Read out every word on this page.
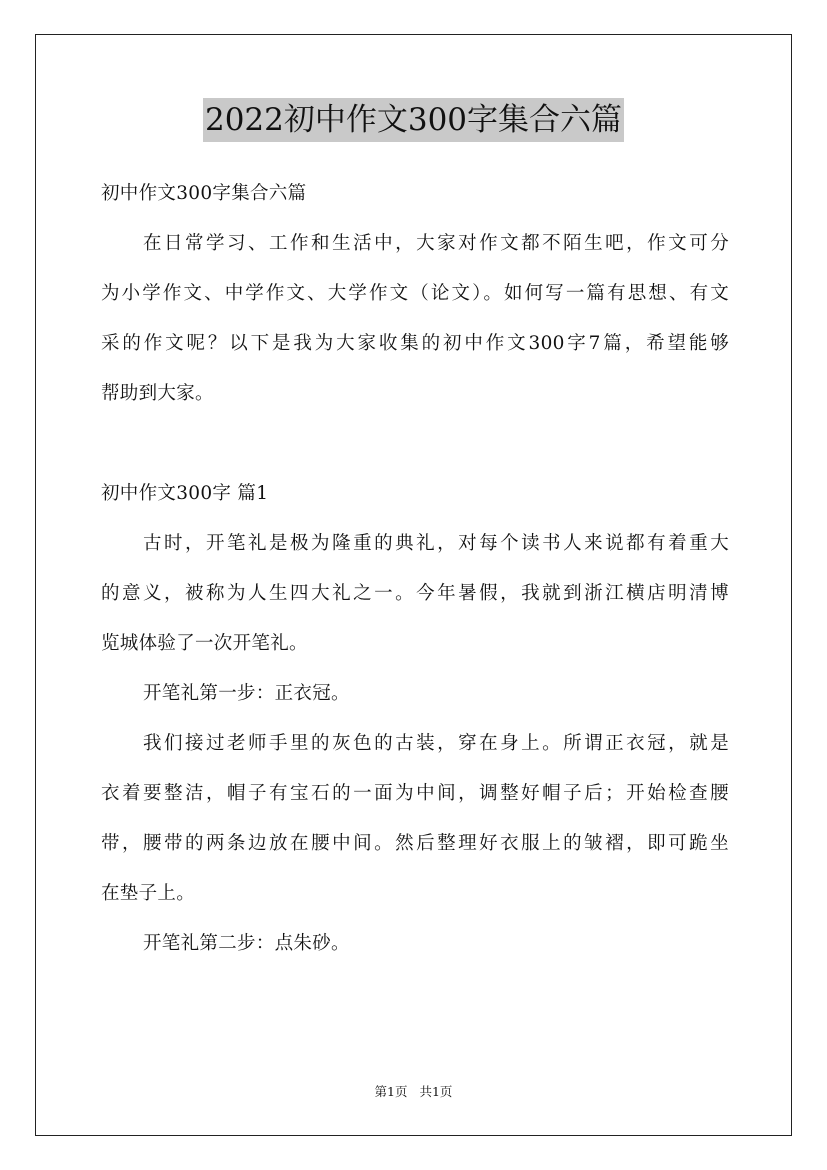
2022初中作文300字集合六篇
初中作文300字集合六篇
在日常学习、工作和生活中，大家对作文都不陌生吧，作文可分
为小学作文、中学作文、大学作文（论文）。如何写一篇有思想、有文
采的作文呢？以下是我为大家收集的初中作文300字7篇，希望能够
帮助到大家。
初中作文300字 篇1
古时，开笔礼是极为隆重的典礼，对每个读书人来说都有着重大
的意义，被称为人生四大礼之一。今年暑假，我就到浙江横店明清博
览城体验了一次开笔礼。
开笔礼第一步：正衣冠。
我们接过老师手里的灰色的古装，穿在身上。所谓正衣冠，就是
衣着要整洁，帽子有宝石的一面为中间，调整好帽子后；开始检查腰
带，腰带的两条边放在腰中间。然后整理好衣服上的皱褶，即可跪坐
在垫子上。
开笔礼第二步：点朱砂。
第1页 共1页
